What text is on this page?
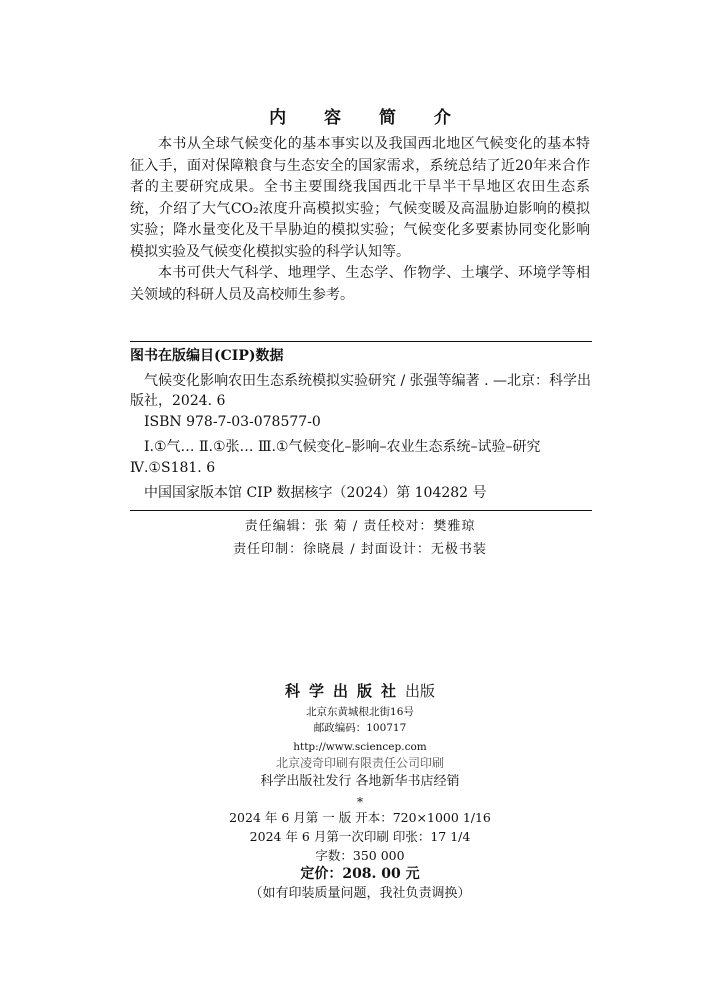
内 容 简 介

本书从全球气候变化的基本事实以及我国西北地区气候变化的基本特征入手，面对保障粮食与生态安全的国家需求，系统总结了近20年来合作者的主要研究成果。全书主要围绕我国西北干旱半干旱地区农田生态系统，介绍了大气CO₂浓度升高模拟实验；气候变暖及高温胁迫影响的模拟实验；降水量变化及干旱胁迫的模拟实验；气候变化多要素协同变化影响模拟实验及气候变化模拟实验的科学认知等。

本书可供大气科学、地理学、生态学、作物学、土壤学、环境学等相关领域的科研人员及高校师生参考。

图书在版编目(CIP)数据
气候变化影响农田生态系统模拟实验研究 / 张强等编著 . —北京：科学出版社，2024. 6
ISBN 978-7-03-078577-0
Ⅰ.①气… Ⅱ.①张… Ⅲ.①气候变化–影响–农业生态系统–试验–研究 Ⅳ.①S181. 6
中国国家版本馆 CIP 数据核字（2024）第 104282 号
责任编辑：张 菊 / 责任校对：樊雅琼
责任印制：徐晓晨 / 封面设计：无极书装
科学出版社出版
北京东黄城根北街16号
邮政编码：100717
http://www.sciencep.com
北京凌奇印刷有限责任公司印刷
科学出版社发行 各地新华书店经销
*
2024 年 6 月第 一 版 开本：720×1000 1/16
2024 年 6 月第一次印刷 印张：17 1/4
字数：350 000
定价：208. 00 元
（如有印装质量问题，我社负责调换）
